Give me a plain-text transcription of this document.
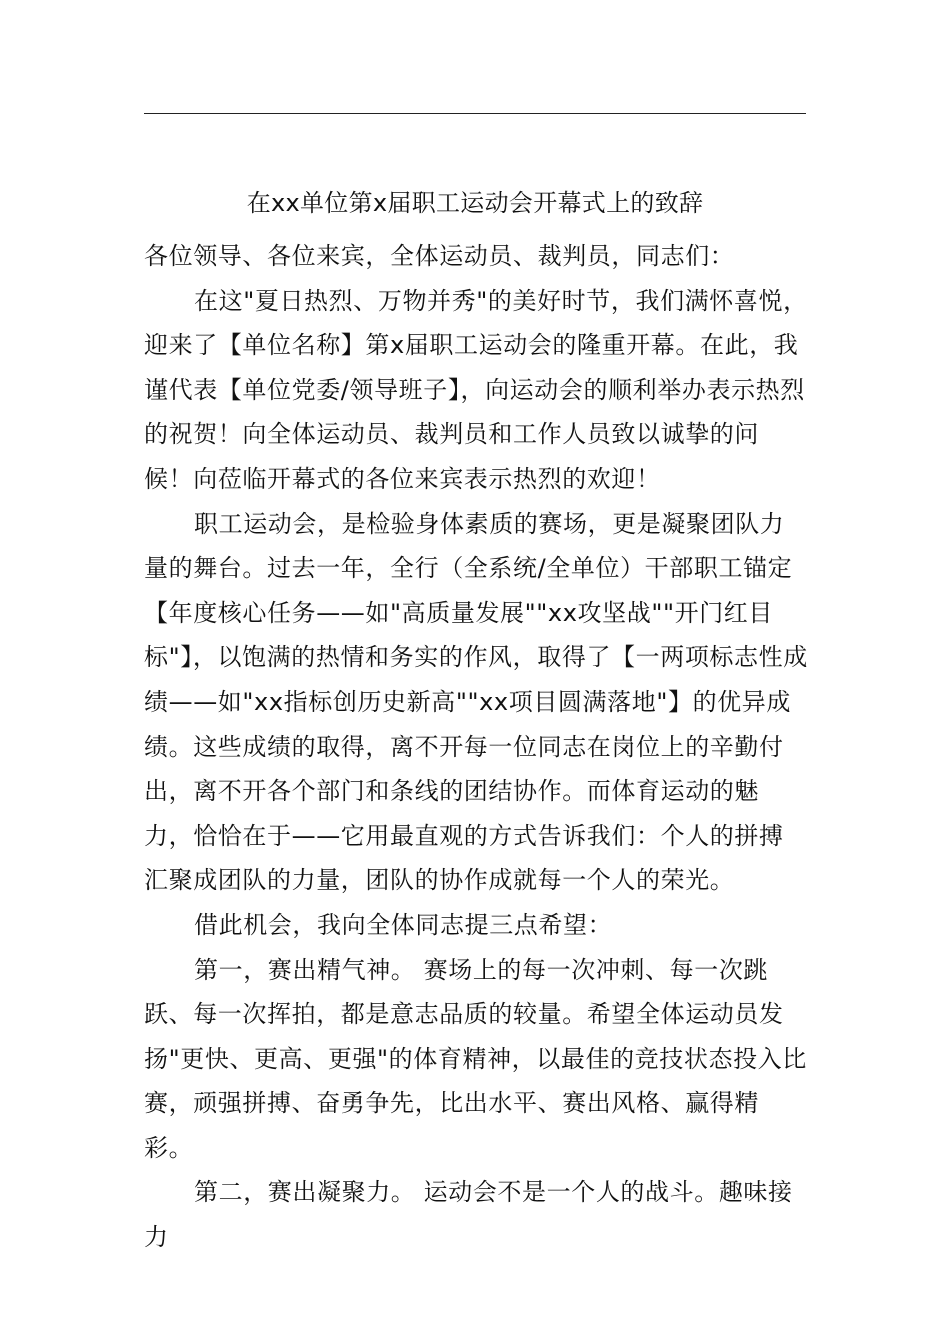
在xx单位第x届职工运动会开幕式上的致辞

各位领导、各位来宾，全体运动员、裁判员，同志们：

在这"夏日热烈、万物并秀"的美好时节，我们满怀喜悦，迎来了【单位名称】第x届职工运动会的隆重开幕。在此，我谨代表【单位党委/领导班子】，向运动会的顺利举办表示热烈的祝贺！向全体运动员、裁判员和工作人员致以诚挚的问候！向莅临开幕式的各位来宾表示热烈的欢迎！

职工运动会，是检验身体素质的赛场，更是凝聚团队力量的舞台。过去一年，全行（全系统/全单位）干部职工锚定【年度核心任务——如"高质量发展""xx攻坚战""开门红目标"】，以饱满的热情和务实的作风，取得了【一两项标志性成绩——如"xx指标创历史新高""xx项目圆满落地"】的优异成绩。这些成绩的取得，离不开每一位同志在岗位上的辛勤付出，离不开各个部门和条线的团结协作。而体育运动的魅力，恰恰在于——它用最直观的方式告诉我们：个人的拼搏汇聚成团队的力量，团队的协作成就每一个人的荣光。

借此机会，我向全体同志提三点希望：

第一，赛出精气神。 赛场上的每一次冲刺、每一次跳跃、每一次挥拍，都是意志品质的较量。希望全体运动员发扬"更快、更高、更强"的体育精神，以最佳的竞技状态投入比赛，顽强拼搏、奋勇争先，比出水平、赛出风格、赢得精彩。

第二，赛出凝聚力。 运动会不是一个人的战斗。趣味接力
